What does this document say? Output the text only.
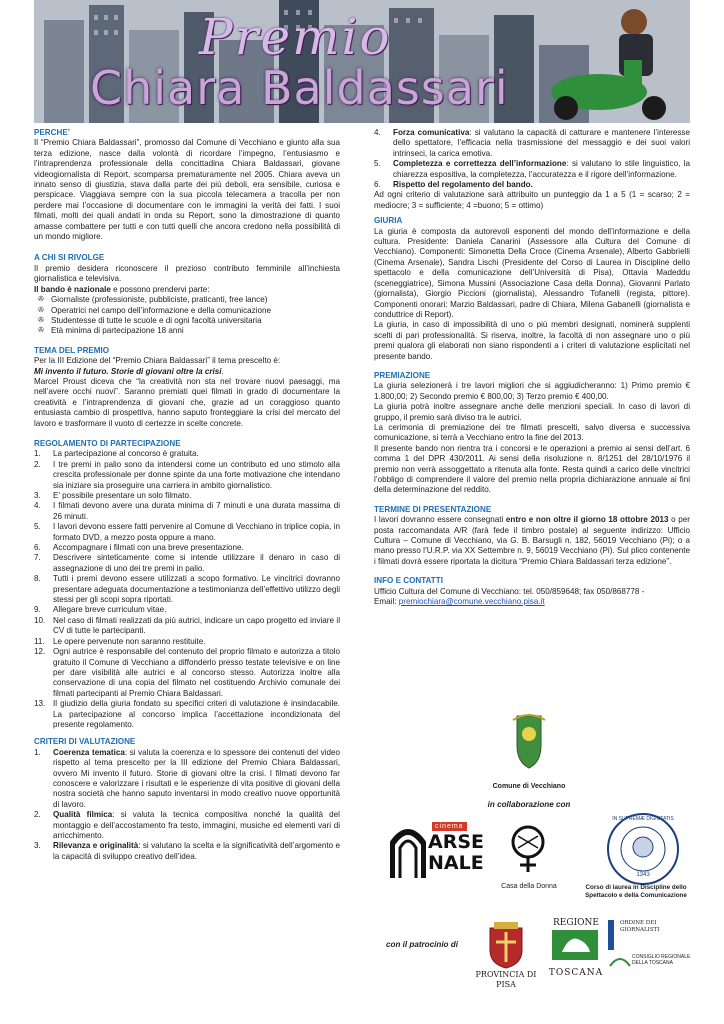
Premio
Chiara Baldassari
PERCHE’

Il “Premio Chiara Baldassari”, promosso dal Comune di Vecchiano e giunto alla sua terza edizione, nasce dalla volontà di ricordare l’impegno, l’entusiasmo e l’intraprendenza professionale della concittadina Chiara Baldassari, giovane videogiornalista di Report, scomparsa prematuramente nel 2005. Chiara aveva un innato senso di giustizia, stava dalla parte dei più deboli, era sensibile, curiosa e perspicace. Viaggiava sempre con la sua piccola telecamera a tracolla per non perdere mai l’occasione di documentare con le immagini la verità dei fatti. I suoi filmati, molti dei quali andati in onda su Report, sono la dimostrazione di quanto amasse combattere per tutti e con tutti quelli che ancora credono nella possibilità di un mondo migliore.

A CHI SI RIVOLGE

Il premio desidera riconoscere il prezioso contributo femminile all’inchiesta giornalistica e televisiva.

Il bando è nazionale e possono prendervi parte:

✇ Giornaliste (professioniste, pubbliciste, praticanti, free lance)
✇ Operatrici nel campo dell’informazione e della comunicazione
✇ Studentesse di tutte le scuole e di ogni facoltà universitaria
✇ Età minima di partecipazione 18 anni
TEMA DEL PREMIO

Per la III Edizione del “Premio Chiara Baldassari” il tema prescelto è:

Mi invento il futuro. Storie di giovani oltre la crisi.

Marcel Proust diceva che “la creatività non sta nel trovare nuovi paesaggi, ma nell’avere occhi nuovi”. Saranno premiati quei filmati in grado di documentare la creatività e l’intraprendenza di giovani che, grazie ad un coraggioso quanto entusiasta cambio di prospettiva, hanno saputo fronteggiare la crisi del mercato del lavoro e trasformare il vuoto di certezze in scelte concrete.

REGOLAMENTO DI PARTECIPAZIONE
1. La partecipazione al concorso è gratuita.
2. I tre premi in palio sono da intendersi come un contributo ed uno stimolo alla crescita professionale per donne spinte da una forte motivazione che intendano sia iniziare sia proseguire una carriera in ambito giornalistico.
3. E’ possibile presentare un solo filmato.
4. I filmati devono avere una durata minima di 7 minuti e una durata massima di 26 minuti.
5. I lavori devono essere fatti pervenire al Comune di Vecchiano in triplice copia, in formato DVD, a mezzo posta oppure a mano.
6. Accompagnare i filmati con una breve presentazione.
7. Descrivere sinteticamente come si intende utilizzare il denaro in caso di assegnazione di uno dei tre premi in palio.
8. Tutti i premi devono essere utilizzati a scopo formativo. Le vincitrici dovranno presentare adeguata documentazione a testimonianza dell’effettivo utilizzo degli stessi per gli scopi sopra riportati.
9. Allegare breve curriculum vitae.
10. Nel caso di filmati realizzati da più autrici, indicare un capo progetto ed inviare il CV di tutte le partecipanti.
11. Le opere pervenute non saranno restituite.
12. Ogni autrice è responsabile del contenuto del proprio filmato e autorizza a titolo gratuito il Comune di Vecchiano a diffonderlo presso testate televisive e on line per dare visibilità alle autrici e al concorso stesso. Autorizza inoltre alla conservazione di una copia del filmato nel costituendo Archivio comunale dei filmati partecipanti al Premio Chiara Baldassari.
13. Il giudizio della giuria fondato su specifici criteri di valutazione è insindacabile. La partecipazione al concorso implica l’accettazione incondizionata del presente regolamento.
CRITERI DI VALUTAZIONE
1. Coerenza tematica: si valuta la coerenza e lo spessore dei contenuti del video rispetto al tema prescelto per la III edizione del Premio Chiara Baldassari, ovvero Mi invento il futuro. Storie di giovani oltre la crisi. I filmati devono far conoscere e valorizzare i risultati e le esperienze di vita positive di giovani della nostra società che hanno saputo inventarsi in modo creativo nuove opportunità di lavoro.
2. Qualità filmica: si valuta la tecnica compositiva nonché la qualità del montaggio e dell’accostamento fra testo, immagini, musiche ed elementi vari di arricchimento.
3. Rilevanza e originalità: si valutano la scelta e la significatività dell’argomento e la capacità di sviluppo creativo dell’idea.
4. Forza comunicativa: si valutano la capacità di catturare e mantenere l’interesse dello spettatore, l’efficacia nella trasmissione del messaggio e dei suoi valori intrinseci, la carica emotiva.
5. Completezza e correttezza dell’informazione: si valutano lo stile linguistico, la chiarezza espositiva, la completezza, l’accuratezza e il rigore dell’informazione.
6. Rispetto del regolamento del bando.

Ad ogni criterio di valutazione sarà attribuito un punteggio da 1 a 5 (1 = scarso; 2 = mediocre; 3 = sufficiente; 4 =buono; 5 = ottimo)

GIURIA

La giuria è composta da autorevoli esponenti del mondo dell’informazione e della cultura. Presidente: Daniela Canarini (Assessore alla Cultura del Comune di Vecchiano). Componenti: Simonetta Della Croce (Cinema Arsenale), Alberto Gabbrielli (Cinema Arsenale), Sandra Lischi (Presidente del Corso di Laurea in Discipline dello spettacolo e della comunicazione dell’Università di Pisa), Ottavia Madeddu (sceneggiatrice), Simona Mussini (Associazione Casa della Donna), Giovanni Parlato (giornalista), Giorgio Piccioni (giornalista), Alessandro Tofanelli (regista, pittore). Componenti onorari: Marzio Baldassari, padre di Chiara, Milena Gabanelli (giornalista e conduttrice di Report).

La giuria, in caso di impossibilità di uno o più membri designati, nominerà supplenti scelti di pari professionalità. Si riserva, inoltre, la facoltà di non assegnare uno o più premi qualora gli elaborati non siano rispondenti a i criteri di valutazione esplicitati nel presente bando.

PREMIAZIONE

La giuria selezionerà i tre lavori migliori che si aggiudicheranno: 1) Primo premio € 1.800,00; 2) Secondo premio € 800,00; 3) Terzo premio € 400,00.

La giuria potrà inoltre assegnare anche delle menzioni speciali. In caso di lavori di gruppo, il premio sarà diviso tra le autrici.

La cerimonia di premiazione dei tre filmati prescelti, salvo diversa e successiva comunicazione, si terrà a Vecchiano entro la fine del 2013.

Il presente bando non rientra tra i concorsi e le operazioni a premio ai sensi dell’art. 6 comma 1 del DPR 430/2011. Ai sensi della risoluzione n. 8/1251 del 28/10/1976 il premio non verrà assoggettato a ritenuta alla fonte. Resta quindi a carico delle vincitrici l’obbligo di comprendere il valore del premio nella propria dichiarazione annuale ai fini della determinazione del reddito.

TERMINE DI PRESENTAZIONE

I lavori dovranno essere consegnati entro e non oltre il giorno 18 ottobre 2013 o per posta raccomandata A/R (farà fede il timbro postale) al seguente indirizzo: Ufficio Cultura – Comune di Vecchiano, via G. B. Barsugli n. 182, 56019 Vecchiano (Pi); o a mano presso l’U.R.P. via XX Settembre n. 9, 56019 Vecchiano (Pi). Sul plico contenente i filmati dovrà essere riportata la dicitura “Premio Chiara Baldassari terza edizione”.

INFO E CONTATTI

Ufficio Cultura del Comune di Vecchiano: tel. 050/859648; fax 050/868778 -

Email: premiochiara@comune.vecchiano.pisa.it

Comune di Vecchiano
in collaborazione con
cinema
ARSE NALE
Casa della Donna
IN SUPREMÆ DIGNITATIS
1343
Corso di laurea in Discipline dello Spettacolo e della Comunicazione
con il patrocinio di
PROVINCIA DI PISA
REGIONE
TOSCANA
ORDINE DEI GIORNALISTI
CONSIGLIO REGIONALE DELLA TOSCANA
